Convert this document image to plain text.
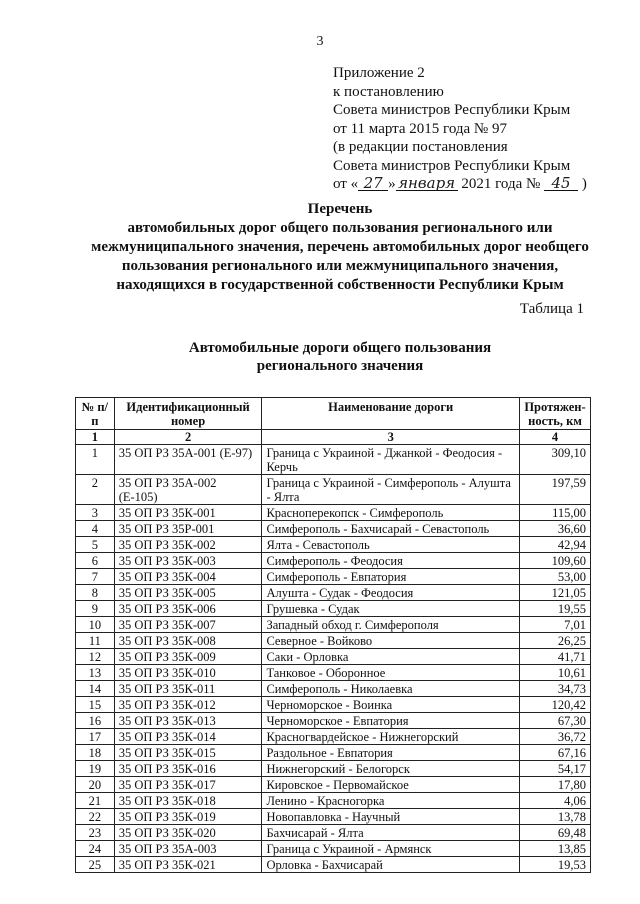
3
Приложение 2
к постановлению
Совета министров Республики Крым
от 11 марта 2015 года № 97
(в редакции постановления
Совета министров Республики Крым
от « 27 » января 2021 года № 45 )
Перечень
автомобильных дорог общего пользования регионального или
межмуниципального значения, перечень автомобильных дорог необщего
пользования регионального или межмуниципального значения,
находящихся в государственной собственности Республики Крым
Таблица 1
Автомобильные дороги общего пользования
регионального значения
№ п/п	Идентификационный номер	Наименование дороги	Протяжен-ность, км
1	2	3	4
1	35 ОП РЗ 35А-001 (Е-97)	Граница с Украиной - Джанкой - Феодосия - Керчь	309,10
2	35 ОП РЗ 35А-002 (Е-105)	Граница с Украиной - Симферополь - Алушта - Ялта	197,59
3	35 ОП РЗ 35К-001	Красноперекопск - Симферополь	115,00
4	35 ОП РЗ 35Р-001	Симферополь - Бахчисарай - Севастополь	36,60
5	35 ОП РЗ 35К-002	Ялта - Севастополь	42,94
6	35 ОП РЗ 35К-003	Симферополь - Феодосия	109,60
7	35 ОП РЗ 35К-004	Симферополь - Евпатория	53,00
8	35 ОП РЗ 35К-005	Алушта - Судак - Феодосия	121,05
9	35 ОП РЗ 35К-006	Грушевка - Судак	19,55
10	35 ОП РЗ 35К-007	Западный обход г. Симферополя	7,01
11	35 ОП РЗ 35К-008	Северное - Войково	26,25
12	35 ОП РЗ 35К-009	Саки - Орловка	41,71
13	35 ОП РЗ 35К-010	Танковое - Оборонное	10,61
14	35 ОП РЗ 35К-011	Симферополь - Николаевка	34,73
15	35 ОП РЗ 35К-012	Черноморское - Воинка	120,42
16	35 ОП РЗ 35К-013	Черноморское - Евпатория	67,30
17	35 ОП РЗ 35К-014	Красногвардейское - Нижнегорский	36,72
18	35 ОП РЗ 35К-015	Раздольное - Евпатория	67,16
19	35 ОП РЗ 35К-016	Нижнегорский - Белогорск	54,17
20	35 ОП РЗ 35К-017	Кировское - Первомайское	17,80
21	35 ОП РЗ 35К-018	Ленино - Красногорка	4,06
22	35 ОП РЗ 35К-019	Новопавловка - Научный	13,78
23	35 ОП РЗ 35К-020	Бахчисарай - Ялта	69,48
24	35 ОП РЗ 35А-003	Граница с Украиной - Армянск	13,85
25	35 ОП РЗ 35К-021	Орловка - Бахчисарай	19,53
